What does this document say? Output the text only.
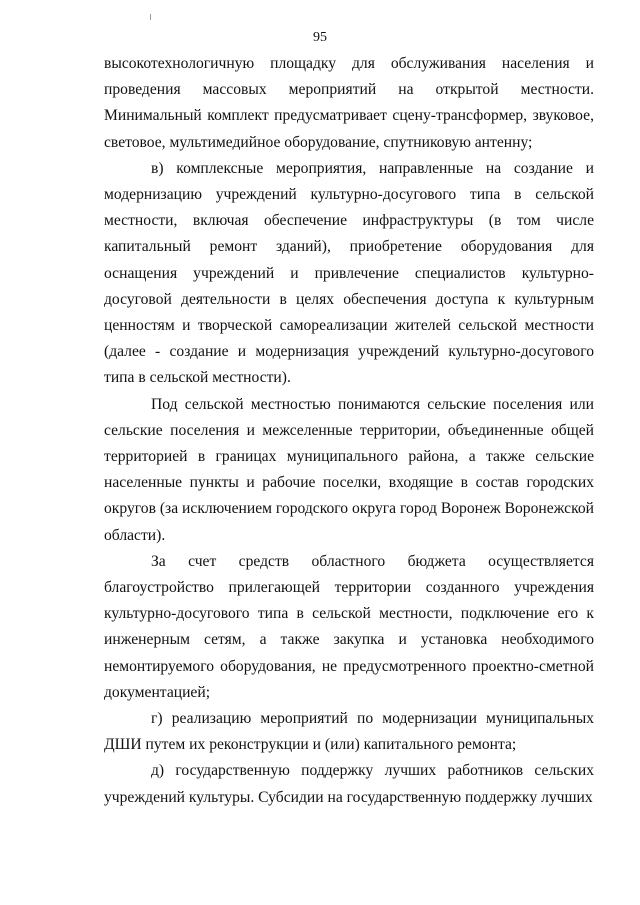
95

высокотехнологичную площадку для обслуживания населения и проведения массовых мероприятий на открытой местности. Минимальный комплект предусматривает сцену-трансформер, звуковое, световое, мультимедийное оборудование, спутниковую антенну;

в) комплексные мероприятия, направленные на создание и модернизацию учреждений культурно-досугового типа в сельской местности, включая обеспечение инфраструктуры (в том числе капитальный ремонт зданий), приобретение оборудования для оснащения учреждений и привлечение специалистов культурно-досуговой деятельности в целях обеспечения доступа к культурным ценностям и творческой самореализации жителей сельской местности (далее - создание и модернизация учреждений культурно-досугового типа в сельской местности).

Под сельской местностью понимаются сельские поселения или сельские поселения и межселенные территории, объединенные общей территорией в границах муниципального района, а также сельские населенные пункты и рабочие поселки, входящие в состав городских округов (за исключением городского округа город Воронеж Воронежской области).

За счет средств областного бюджета осуществляется благоустройство прилегающей территории созданного учреждения культурно-досугового типа в сельской местности, подключение его к инженерным сетям, а также закупка и установка необходимого немонтируемого оборудования, не предусмотренного проектно-сметной документацией;

г) реализацию мероприятий по модернизации муниципальных ДШИ путем их реконструкции и (или) капитального ремонта;

д) государственную поддержку лучших работников сельских учреждений культуры. Субсидии на государственную поддержку лучших
